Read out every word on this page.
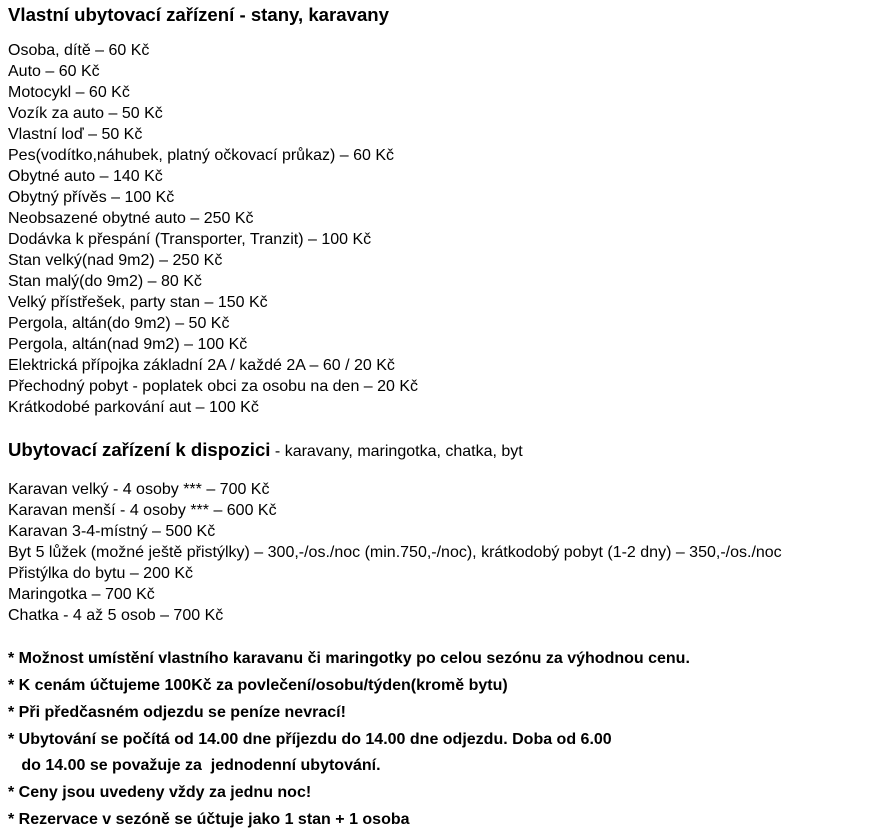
Vlastní ubytovací zařízení - stany, karavany
Osoba, dítě – 60 Kč
Auto – 60 Kč
Motocykl – 60 Kč
Vozík za auto – 50 Kč
Vlastní loď – 50 Kč
Pes(vodítko,náhubek, platný očkovací průkaz) – 60 Kč
Obytné auto – 140 Kč
Obytný přívěs – 100 Kč
Neobsazené obytné auto – 250 Kč
Dodávka k přespání (Transporter, Tranzit) – 100 Kč
Stan velký(nad 9m2) – 250 Kč
Stan malý(do 9m2) – 80 Kč
Velký přístřešek, party stan – 150 Kč
Pergola, altán(do 9m2) – 50 Kč
Pergola, altán(nad 9m2) – 100 Kč
Elektrická přípojka základní 2A / každé 2A – 60 / 20 Kč
Přechodný pobyt - poplatek obci za osobu na den – 20 Kč
Krátkodobé parkování aut – 100 Kč
Ubytovací zařízení k dispozici - karavany, maringotka, chatka, byt
Karavan velký - 4 osoby *** – 700 Kč
Karavan menší - 4 osoby *** – 600 Kč
Karavan 3-4-místný – 500 Kč
Byt 5 lůžek (možné ještě přistýlky) – 300,-/os./noc (min.750,-/noc), krátkodobý pobyt (1-2 dny) – 350,-/os./noc
Přistýlka do bytu – 200 Kč
Maringotka – 700 Kč
Chatka - 4 až 5 osob – 700 Kč
* Možnost umístění vlastního karavanu či maringotky po celou sezónu za výhodnou cenu.
* K cenám účtujeme 100Kč za povlečení/osobu/týden(kromě bytu)
* Při předčasném odjezdu se peníze nevrací!
* Ubytování se počítá od 14.00 dne příjezdu do 14.00 dne odjezdu. Doba od 6.00
do 14.00 se považuje za  jednodenní ubytování.
* Ceny jsou uvedeny vždy za jednu noc!
* Rezervace v sezóně se účtuje jako 1 stan + 1 osoba
